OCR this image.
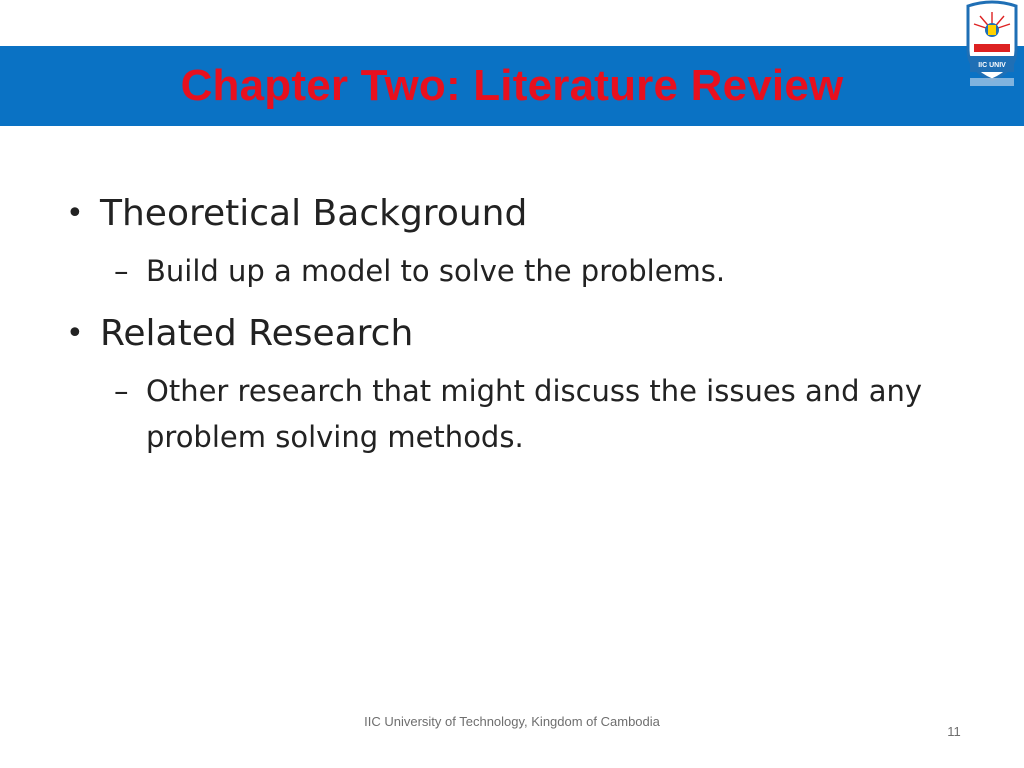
Chapter Two: Literature Review	IIC UNIV
• Theoretical Background
– Build up a model to solve the problems.
• Related Research
– Other research that might discuss the issues and any problem solving methods.
IIC University of Technology, Kingdom of Cambodia
11
